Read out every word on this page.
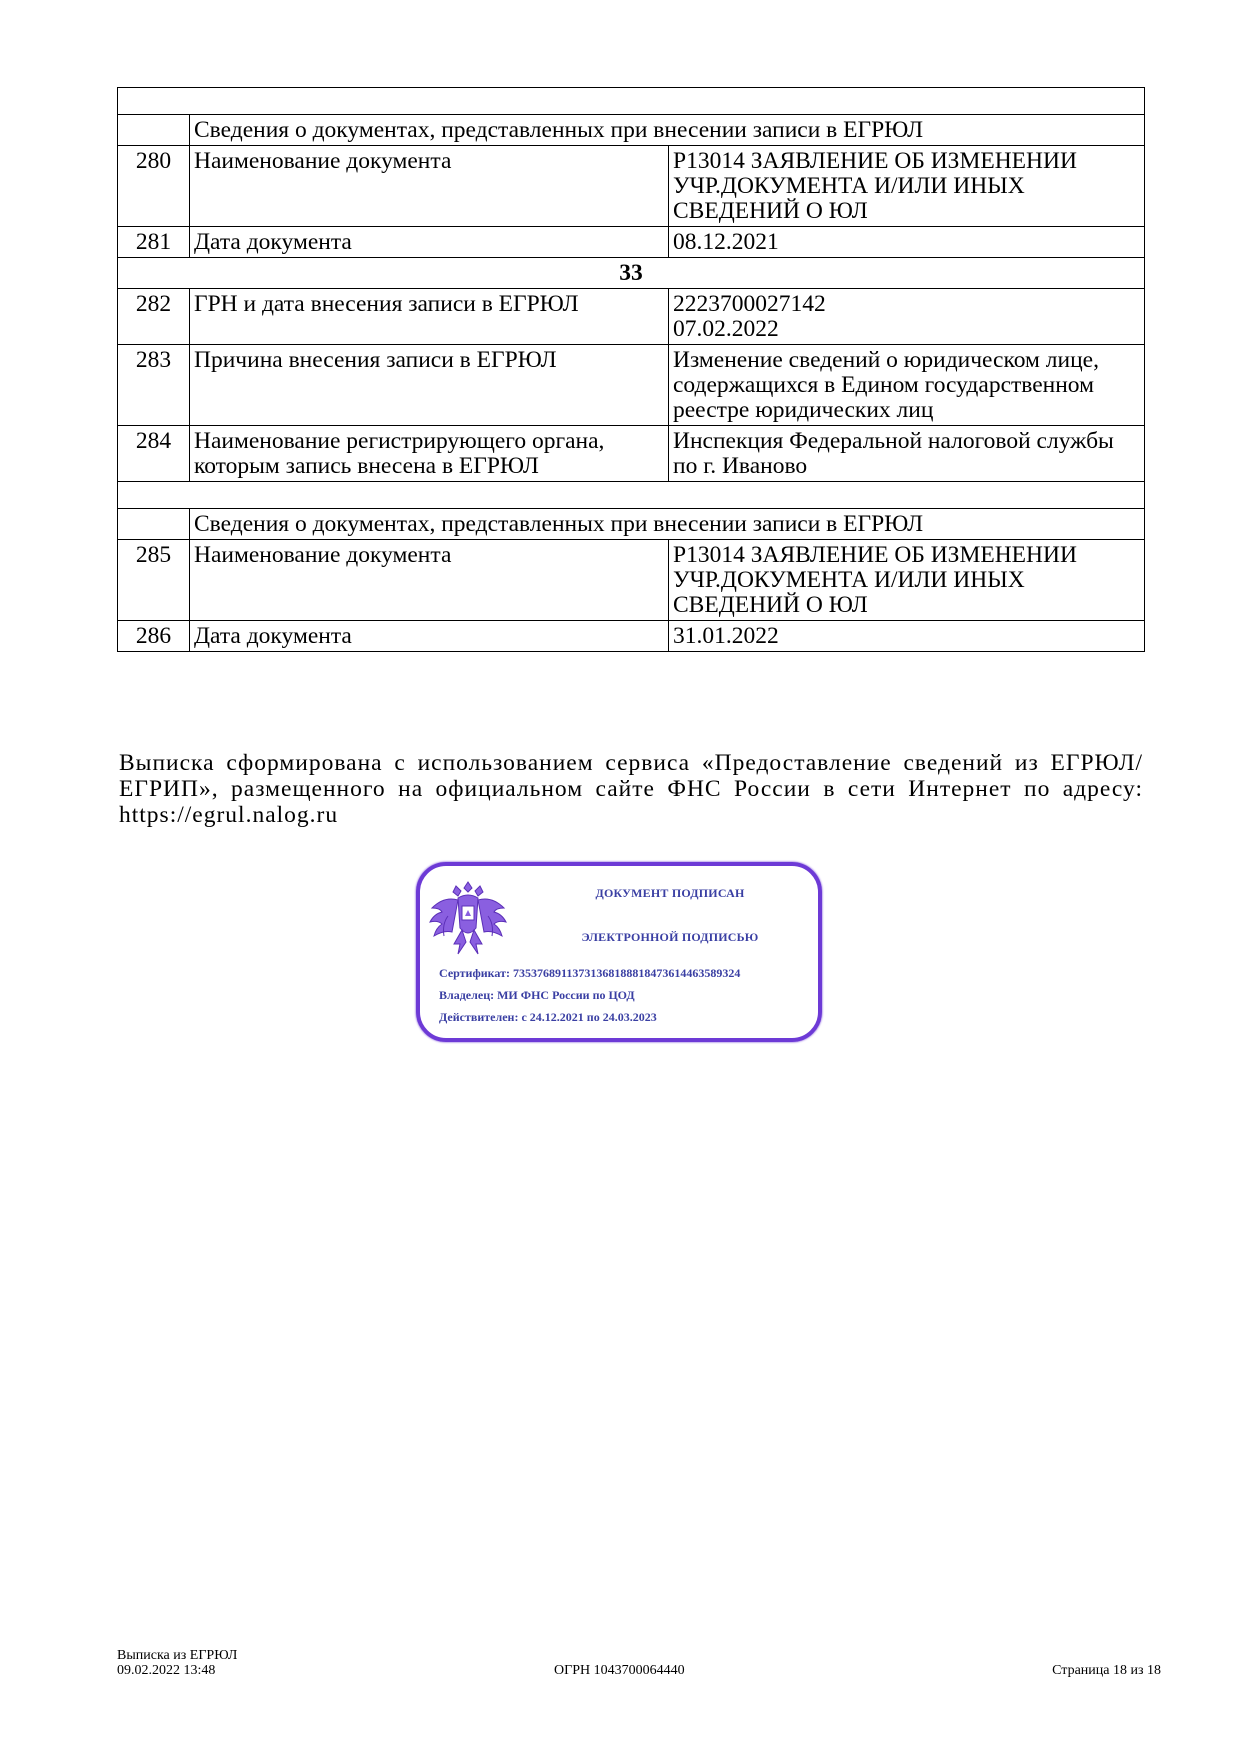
	Сведения о документах, представленных при внесении записи в ЕГРЮЛ	
280	Наименование документа	Р13014 ЗАЯВЛЕНИЕ ОБ ИЗМЕНЕНИИ
УЧР.ДОКУМЕНТА И/ИЛИ ИНЫХ
СВЕДЕНИЙ О ЮЛ
281	Дата документа	08.12.2021
33		
282	ГРН и дата внесения записи в ЕГРЮЛ	2223700027142
07.02.2022
283	Причина внесения записи в ЕГРЮЛ	Изменение сведений о юридическом лице,
содержащихся в Едином государственном
реестре юридических лиц
284	Наименование регистрирующего органа,
которым запись внесена в ЕГРЮЛ	Инспекция Федеральной налоговой службы
по г. Иваново

	Сведения о документах, представленных при внесении записи в ЕГРЮЛ	
285	Наименование документа	Р13014 ЗАЯВЛЕНИЕ ОБ ИЗМЕНЕНИИ
УЧР.ДОКУМЕНТА И/ИЛИ ИНЫХ
СВЕДЕНИЙ О ЮЛ
286	Дата документа	31.01.2022
Выписка сформирована с использованием сервиса «Предоставление сведений из ЕГРЮЛ/ЕГРИП», размещенного на официальном сайте ФНС России в сети Интернет по адресу: https://egrul.nalog.ru
ДОКУМЕНТ ПОДПИСАН
ЭЛЕКТРОННОЙ ПОДПИСЬЮ
Сертификат: 7353768911373136818881847361446358​9324
Владелец: МИ ФНС России по ЦОД
Действителен: с 24.12.2021 по 24.03.2023
Выписка из ЕГРЮЛ
09.02.2022 13:48	ОГРН 1043700064440	Страница 18 из 18
